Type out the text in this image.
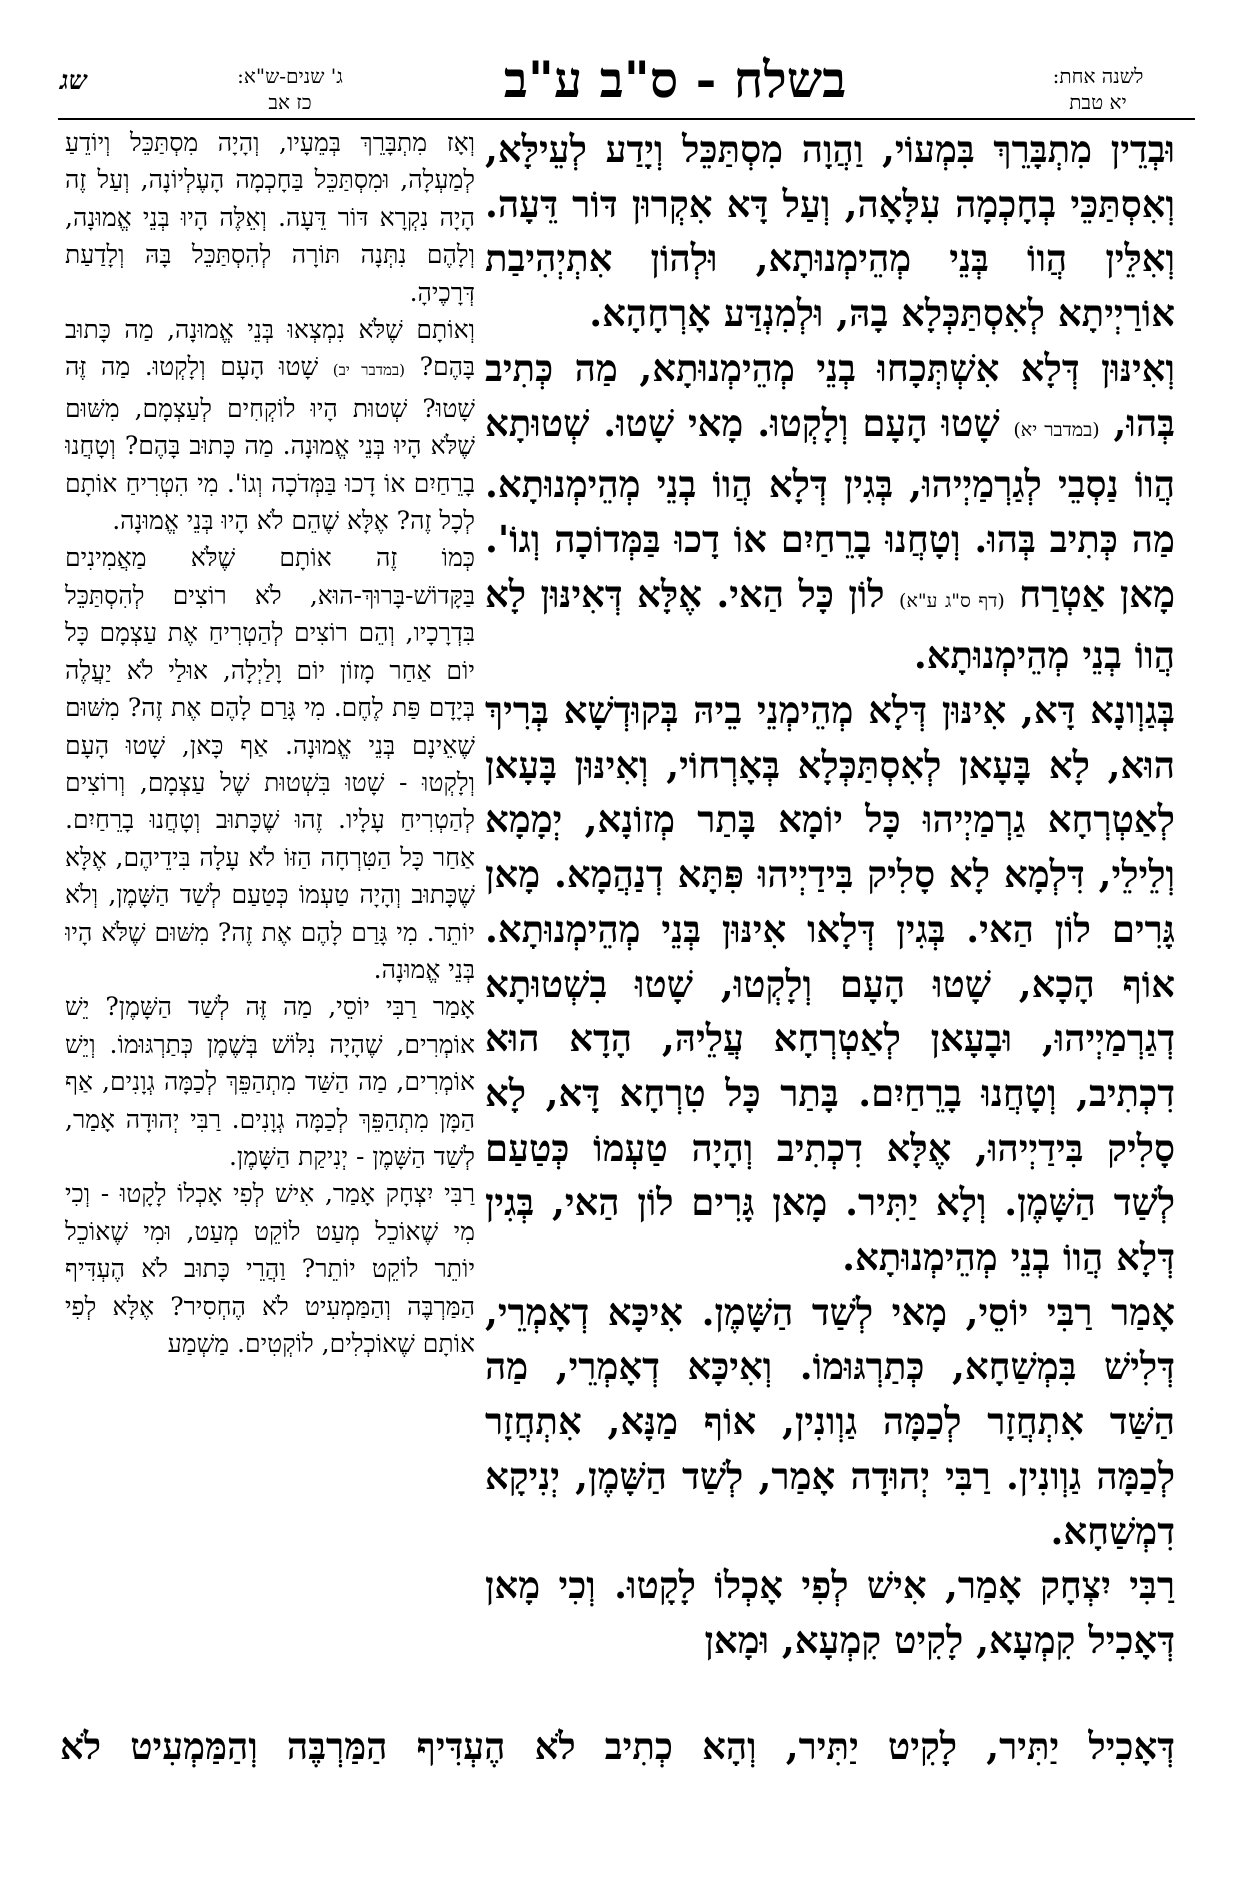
לשנה אחת:
יא טבת
בשלח - ס"ב ע"ב
ג' שנים-ש"א:
כז אב
שג

וּבְדֵין מִתְבָּרֵךְ בִּמְעוֹי, וַהֲוָה מִסְתַּכֵּל וְיָדַע לְעֵילָּא, וְאִסְתַּכֵּי בְחָכְמָה עִלָּאָה, וְעַל דָּא אִקְרוּן דּוֹר דֵּעָה. וְאִלֵּין הֲווֹ בְּנֵי מְהֵימְנוּתָא, וּלְהוֹן אִתְיְהִיבַת אוֹרַיְיתָא לְאִסְתַּכְּלָא בָהּ, וּלְמִנְדַּע אָרְחָהָא.

וְאִינּוּן דְּלָא אִשְׁתְּכָחוּ בְנֵי מְהֵימְנוּתָא, מַה כְּתִיב בְּהוּ, (במדבר יא) שָׁטוּ הָעָם וְלָקְטוּ. מָאי שָׁטוּ. שְׁטוּתָא הֲווֹ נַסְבֵי לְגַרְמַיְיהוּ, בְּגִין דְּלָא הֲווֹ בְנֵי מְהֵימְנוּתָא. מַה כְּתִיב בְּהוּ. וְטָחֲנוּ בָרֵחַיִם אוֹ דָכוּ בַּמְּדוֹכָה וְגוֹ'. מָאן אַטְרַח (דף ס"ג ע"א) לוֹן כָּל הַאי. אֶלָּא דְּאִינּוּן לָא הֲווֹ בְנֵי מְהֵימְנוּתָא.

בְּגַוְונָא דָּא, אִינּוּן דְּלָא מְהֵימְנֵי בֵיהּ בְּקוּדְשָׁא בְּרִיךְ הוּא, לָא בָּעָאן לְאִסְתַּכְּלָא בְּאָרְחוֹי, וְאִינּוּן בָּעָאן לְאַטְרְחָא גַרְמַיְיהוּ כָּל יוֹמָא בָּתַר מְזוֹנָא, יְמָמָא וְלֵילֵי, דִּלְמָא לָא סָלִיק בִּידַיְיהוּ פִּתָּא דְנַהֲמָא. מָאן גָּרִים לוֹן הַאי. בְּגִין דְּלָאו אִינּוּן בְּנֵי מְהֵימְנוּתָא. אוֹף הָכָא, שָׁטוּ הָעָם וְלָקְטוּ, שָׁטוּ בִשְׁטוּתָא דְגַרְמַיְיהוּ, וּבָעָאן לְאַטְרְחָא עֲלֵיהּ, הָדָא הוּא דִכְתִיב, וְטָחֲנוּ בָרֵחַיִם. בָּתַר כָּל טִרְחָא דָּא, לָא סָלִיק בִּידַיְיהוּ, אֶלָּא דִכְתִיב וְהָיָה טַעְמוֹ כְּטַעַם לְשַׁד הַשָּׁמֶן. וְלָא יַתִּיר. מָאן גָּרִים לוֹן הַאי, בְּגִין דְּלָא הֲווֹ בְנֵי מְהֵימְנוּתָא.

אָמַר רַבִּי יוֹסֵי, מָאי לְשַׁד הַשָּׁמֶן. אִיכָּא דְאָמְרֵי, דְּלִישׁ בִּמְשַׁחָא, כְּתַרְגּוּמוֹ. וְאִיכָּא דְאָמְרֵי, מַה הַשַּׁד אִתְחֲזָר לְכַמָּה גַוְונִין, אוֹף מַנָּא, אִתְחֲזָר לְכַמָּה גַוְונִין. רַבִּי יְהוּדָה אָמַר, לְשַׁד הַשָּׁמֶן, יְנִיקָא דִמְשַׁחָא.

רַבִּי יִצְחָק אָמַר, אִישׁ לְפִי אָכְלוֹ לָקָטוּ. וְכִי מָאן דְּאָכִיל קִמְעָא, לָקִיט קִמְעָא, וּמָאן

וְאָז מִתְבָּרֵךְ בְּמֵעָיו, וְהָיָה מִסְתַּכֵּל וְיוֹדֵעַ לְמַעְלָה, וּמִסְתַּכֵּל בַּחָכְמָה הָעֶלְיוֹנָה, וְעַל זֶה הָיָה נִקְרָא דּוֹר דֵּעָה. וְאֵלֶּה הָיוּ בְּנֵי אֱמוּנָה, וְלָהֶם נִתְּנָה תּוֹרָה לְהִסְתַּכֵּל בָּהּ וְלָדַעַת דְּרָכֶיהָ.

וְאוֹתָם שֶׁלֹּא נִמְצְאוּ בְּנֵי אֱמוּנָה, מַה כָּתוּב בָּהֶם? (במדבר יב) שָׁטוּ הָעָם וְלָקְטוּ. מַה זֶּה שָׁטוּ? שְׁטוּת הָיוּ לוֹקְחִים לְעַצְמָם, מִשּׁוּם שֶׁלֹּא הָיוּ בְּנֵי אֱמוּנָה. מַה כָּתוּב בָּהֶם? וְטָחֲנוּ בָרֵחַיִם אוֹ דָכוּ בַּמְּדֹכָה וְגוֹ'. מִי הִטְרִיחַ אוֹתָם לְכָל זֶה? אֶלָּא שֶׁהֵם לֹא הָיוּ בְּנֵי אֱמוּנָה.

כְּמוֹ זֶה אוֹתָם שֶׁלֹּא מַאֲמִינִים בַּקָּדוֹשׁ-בָּרוּךְ-הוּא, לֹא רוֹצִים לְהִסְתַּכֵּל בִּדְרָכָיו, וְהֵם רוֹצִים לְהַטְרִיחַ אֶת עַצְמָם כָּל יוֹם אַחַר מָזוֹן יוֹם וָלַיְלָה, אוּלַי לֹא יַעֲלֶה בְּיָדָם פַּת לֶחֶם. מִי גָּרַם לָהֶם אֶת זֶה? מִשּׁוּם שֶׁאֵינָם בְּנֵי אֱמוּנָה. אַף כָּאן, שָׁטוּ הָעָם וְלָקְטוּ - שָׁטוּ בִּשְׁטוּת שֶׁל עַצְמָם, וְרוֹצִים לְהַטְרִיחַ עָלָיו. זֶהוּ שֶׁכָּתוּב וְטָחֲנוּ בָרֵחַיִם. אַחַר כָּל הַטִּרְחָה הַזּוֹ לֹא עָלָה בִּידֵיהֶם, אֶלָּא שֶׁכָּתוּב וְהָיָה טַעְמוֹ כְּטַעַם לְשַׁד הַשָּׁמֶן, וְלֹא יוֹתֵר. מִי גָּרַם לָהֶם אֶת זֶה? מִשּׁוּם שֶׁלֹּא הָיוּ בְּנֵי אֱמוּנָה.

אָמַר רַבִּי יוֹסֵי, מַה זֶּה לְשַׁד הַשָּׁמֶן? יֵשׁ אוֹמְרִים, שֶׁהָיָה נִלּוֹשׁ בְּשֶׁמֶן כְּתַרְגּוּמוֹ. וְיֵשׁ אוֹמְרִים, מַה הַשַּׁד מִתְהַפֵּךְ לְכַמָּה גְוָנִים, אַף הַמָּן מִתְהַפֵּךְ לְכַמָּה גְוָנִים. רַבִּי יְהוּדָה אָמַר, לְשַׁד הַשָּׁמֶן - יְנִיקַת הַשָּׁמֶן.

רַבִּי יִצְחָק אָמַר, אִישׁ לְפִי אָכְלוֹ לָקָטוּ - וְכִי מִי שֶׁאוֹכֵל מְעַט לוֹקֵט מְעַט, וּמִי שֶׁאוֹכֵל יוֹתֵר לוֹקֵט יוֹתֵר? וַהֲרֵי כָּתוּב לֹא הֶעְדִּיף הַמַּרְבֶּה וְהַמַּמְעִיט לֹא הֶחְסִיר? אֶלָּא לְפִי אוֹתָם שֶׁאוֹכְלִים, לוֹקְטִים. מַשְׁמַע

דְּאָכִיל יַתִּיר, לָקִיט יַתִּיר, וְהָא כְתִיב לֹא הֶעְדִּיף הַמַּרְבֶּה וְהַמַּמְעִיט לֹא
